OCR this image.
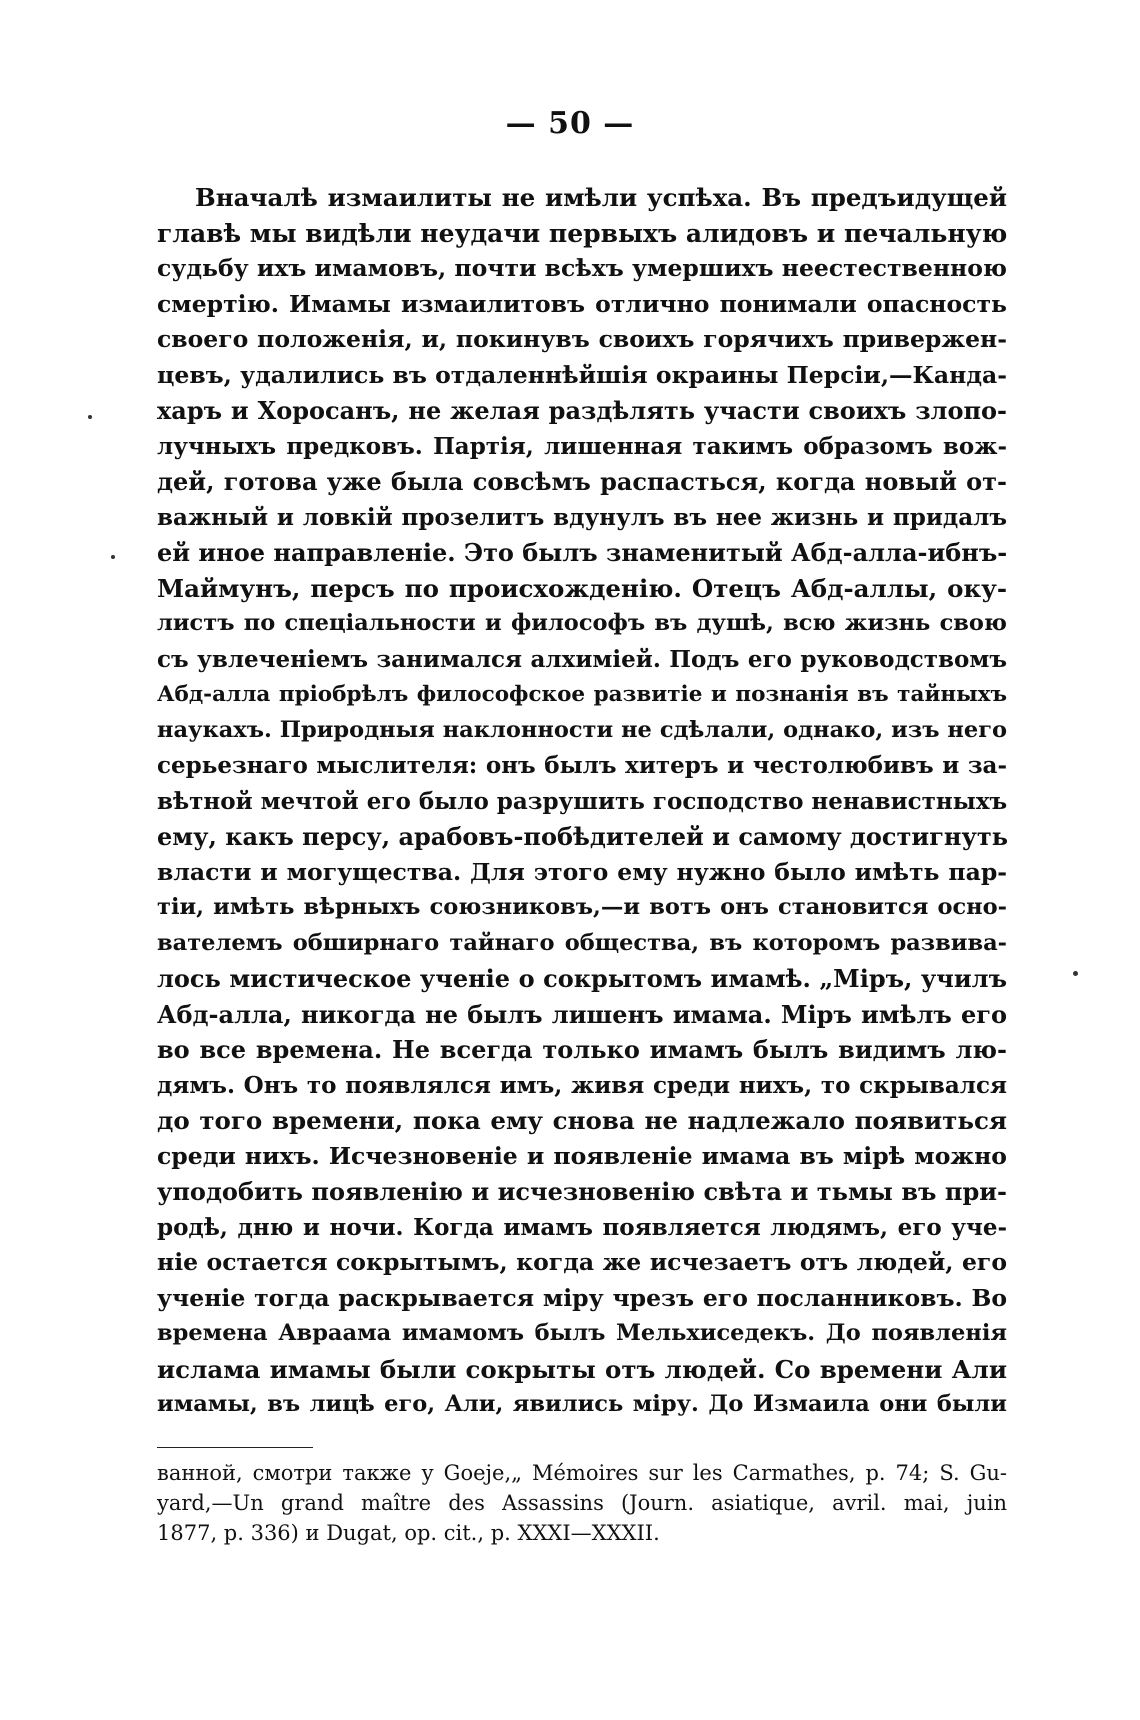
— 50 —
Вначалѣ измаилиты не имѣли успѣха. Въ предъидущей
главѣ мы видѣли неудачи первыхъ алидовъ и печальную
судьбу ихъ имамовъ, почти всѣхъ умершихъ неестественною
смертію. Имамы измаилитовъ отлично понимали опасность
своего положенія, и, покинувъ своихъ горячихъ привержен-
цевъ, удалились въ отдаленнѣйшія окраины Персіи,—Канда-
харъ и Хоросанъ, не желая раздѣлять участи своихъ злопо-
лучныхъ предковъ. Партія, лишенная такимъ образомъ вож-
дей, готова уже была совсѣмъ распасться, когда новый от-
важный и ловкій прозелитъ вдунулъ въ нее жизнь и придалъ
ей иное направленіе. Это былъ знаменитый Абд-алла-ибнъ-
Маймунъ, персъ по происхожденію. Отецъ Абд-аллы, оку-
листъ по спеціальности и философъ въ душѣ, всю жизнь свою
съ увлеченіемъ занимался алхиміей. Подъ его руководствомъ
Абд-алла пріобрѣлъ философское развитіе и познанія въ тайныхъ
наукахъ. Природныя наклонности не сдѣлали, однако, изъ него
серьезнаго мыслителя: онъ былъ хитеръ и честолюбивъ и за-
вѣтной мечтой его было разрушить господство ненавистныхъ
ему, какъ персу, арабовъ-побѣдителей и самому достигнуть
власти и могущества. Для этого ему нужно было имѣть пар-
тіи, имѣть вѣрныхъ союзниковъ,—и вотъ онъ становится осно-
вателемъ обширнаго тайнаго общества, въ которомъ развива-
лось мистическое ученіе о сокрытомъ имамѣ. „Міръ, училъ
Абд-алла, никогда не былъ лишенъ имама. Міръ имѣлъ его
во все времена. Не всегда только имамъ былъ видимъ лю-
дямъ. Онъ то появлялся имъ, живя среди нихъ, то скрывался
до того времени, пока ему снова не надлежало появиться
среди нихъ. Исчезновеніе и появленіе имама въ мірѣ можно
уподобить появленію и исчезновенію свѣта и тьмы въ при-
родѣ, дню и ночи. Когда имамъ появляется людямъ, его уче-
ніе остается сокрытымъ, когда же исчезаетъ отъ людей, его
ученіе тогда раскрывается міру чрезъ его посланниковъ. Во
времена Авраама имамомъ былъ Мельхиседекъ. До появленія
ислама имамы были сокрыты отъ людей. Со времени Али
имамы, въ лицѣ его, Али, явились міру. До Измаила они были
ванной, смотри также у Goeje,„ Mémoires sur les Carmathes, p. 74; S. Gu-
yard,—Un grand maître des Assassins (Journ. asiatique, avril. mai, juin
1877, p. 336) и Dugat, op. cit., p. XXXI—XXXII.
